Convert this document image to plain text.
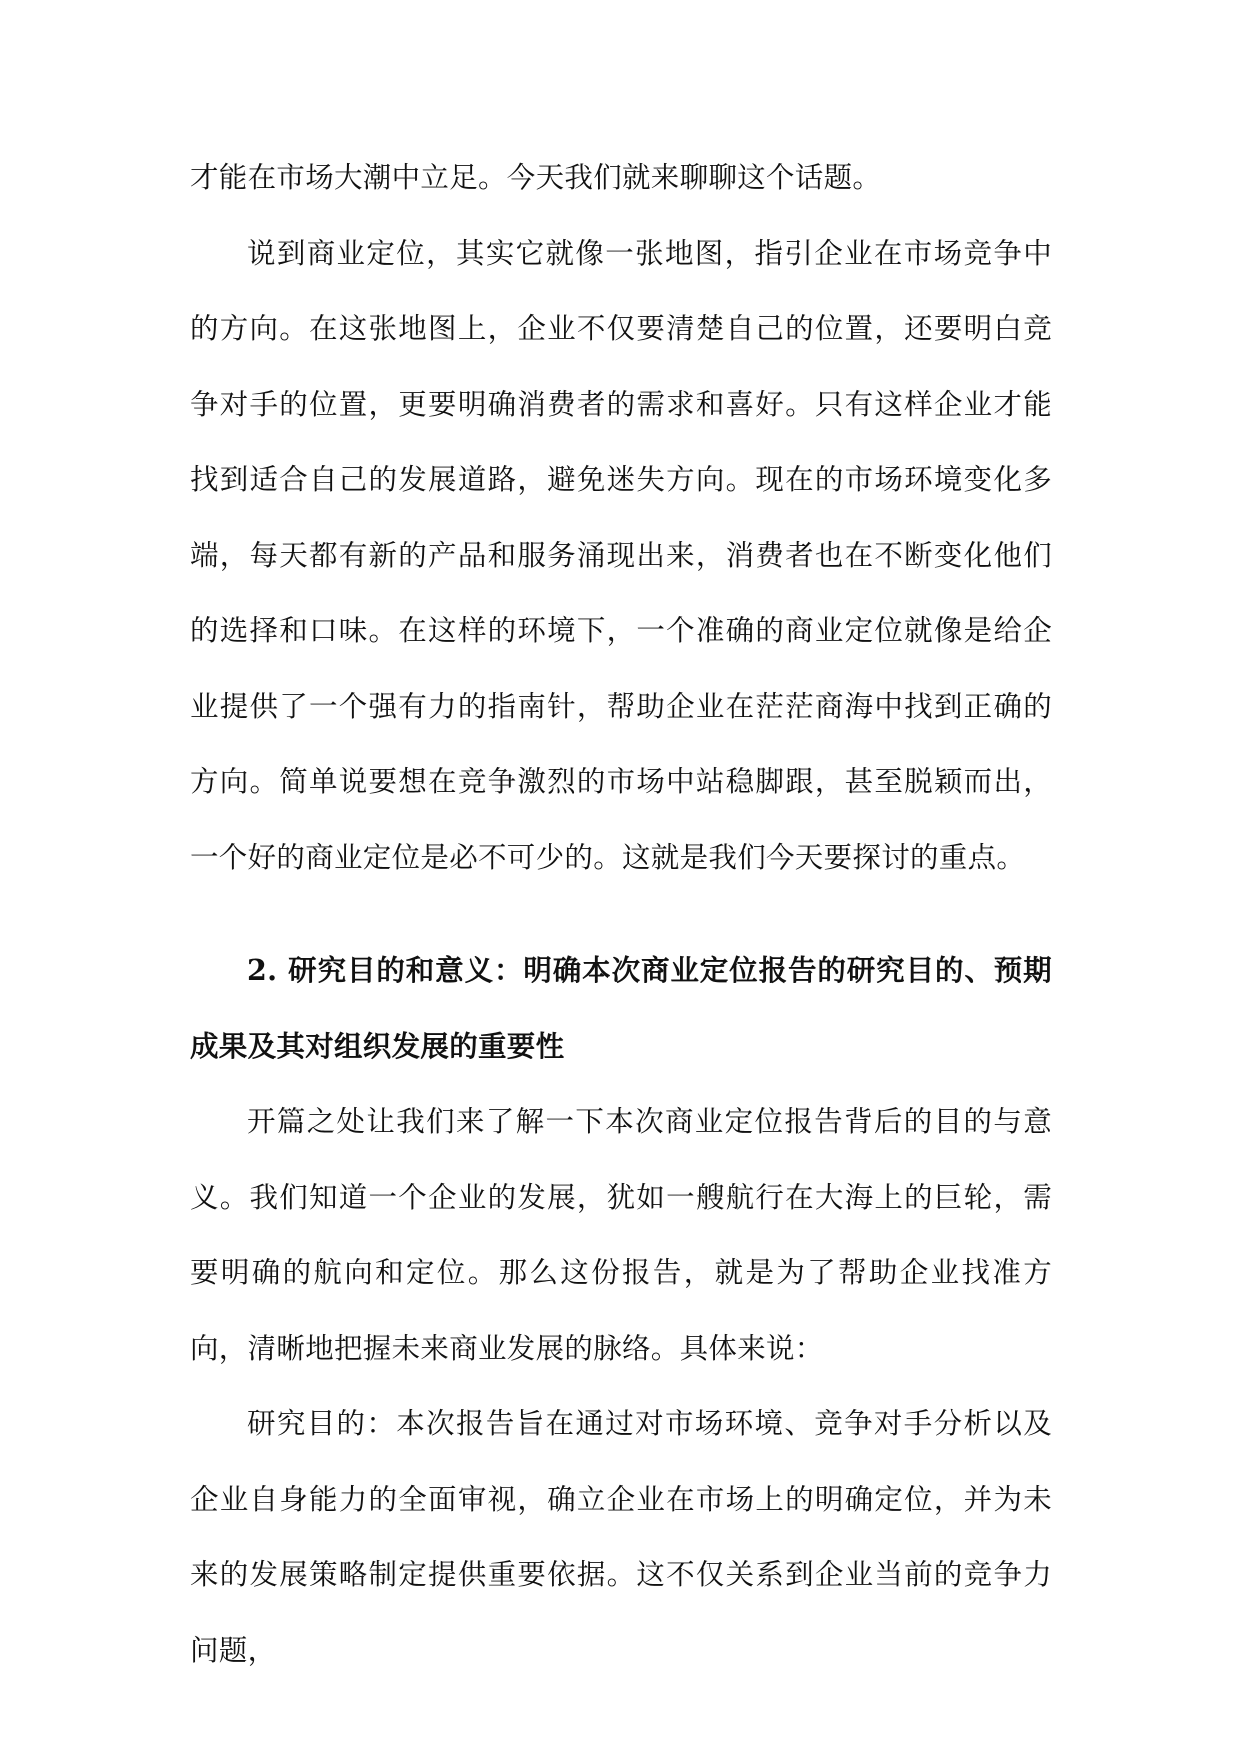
才能在市场大潮中立足。今天我们就来聊聊这个话题。

说到商业定位，其实它就像一张地图，指引企业在市场竞争中的方向。在这张地图上，企业不仅要清楚自己的位置，还要明白竞争对手的位置，更要明确消费者的需求和喜好。只有这样企业才能找到适合自己的发展道路，避免迷失方向。现在的市场环境变化多端，每天都有新的产品和服务涌现出来，消费者也在不断变化他们的选择和口味。在这样的环境下，一个准确的商业定位就像是给企业提供了一个强有力的指南针，帮助企业在茫茫商海中找到正确的方向。简单说要想在竞争激烈的市场中站稳脚跟，甚至脱颖而出，一个好的商业定位是必不可少的。这就是我们今天要探讨的重点。

2. 研究目的和意义：明确本次商业定位报告的研究目的、预期成果及其对组织发展的重要性

开篇之处让我们来了解一下本次商业定位报告背后的目的与意义。我们知道一个企业的发展，犹如一艘航行在大海上的巨轮，需要明确的航向和定位。那么这份报告，就是为了帮助企业找准方向，清晰地把握未来商业发展的脉络。具体来说：

研究目的：本次报告旨在通过对市场环境、竞争对手分析以及企业自身能力的全面审视，确立企业在市场上的明确定位，并为未来的发展策略制定提供重要依据。这不仅关系到企业当前的竞争力问题，
